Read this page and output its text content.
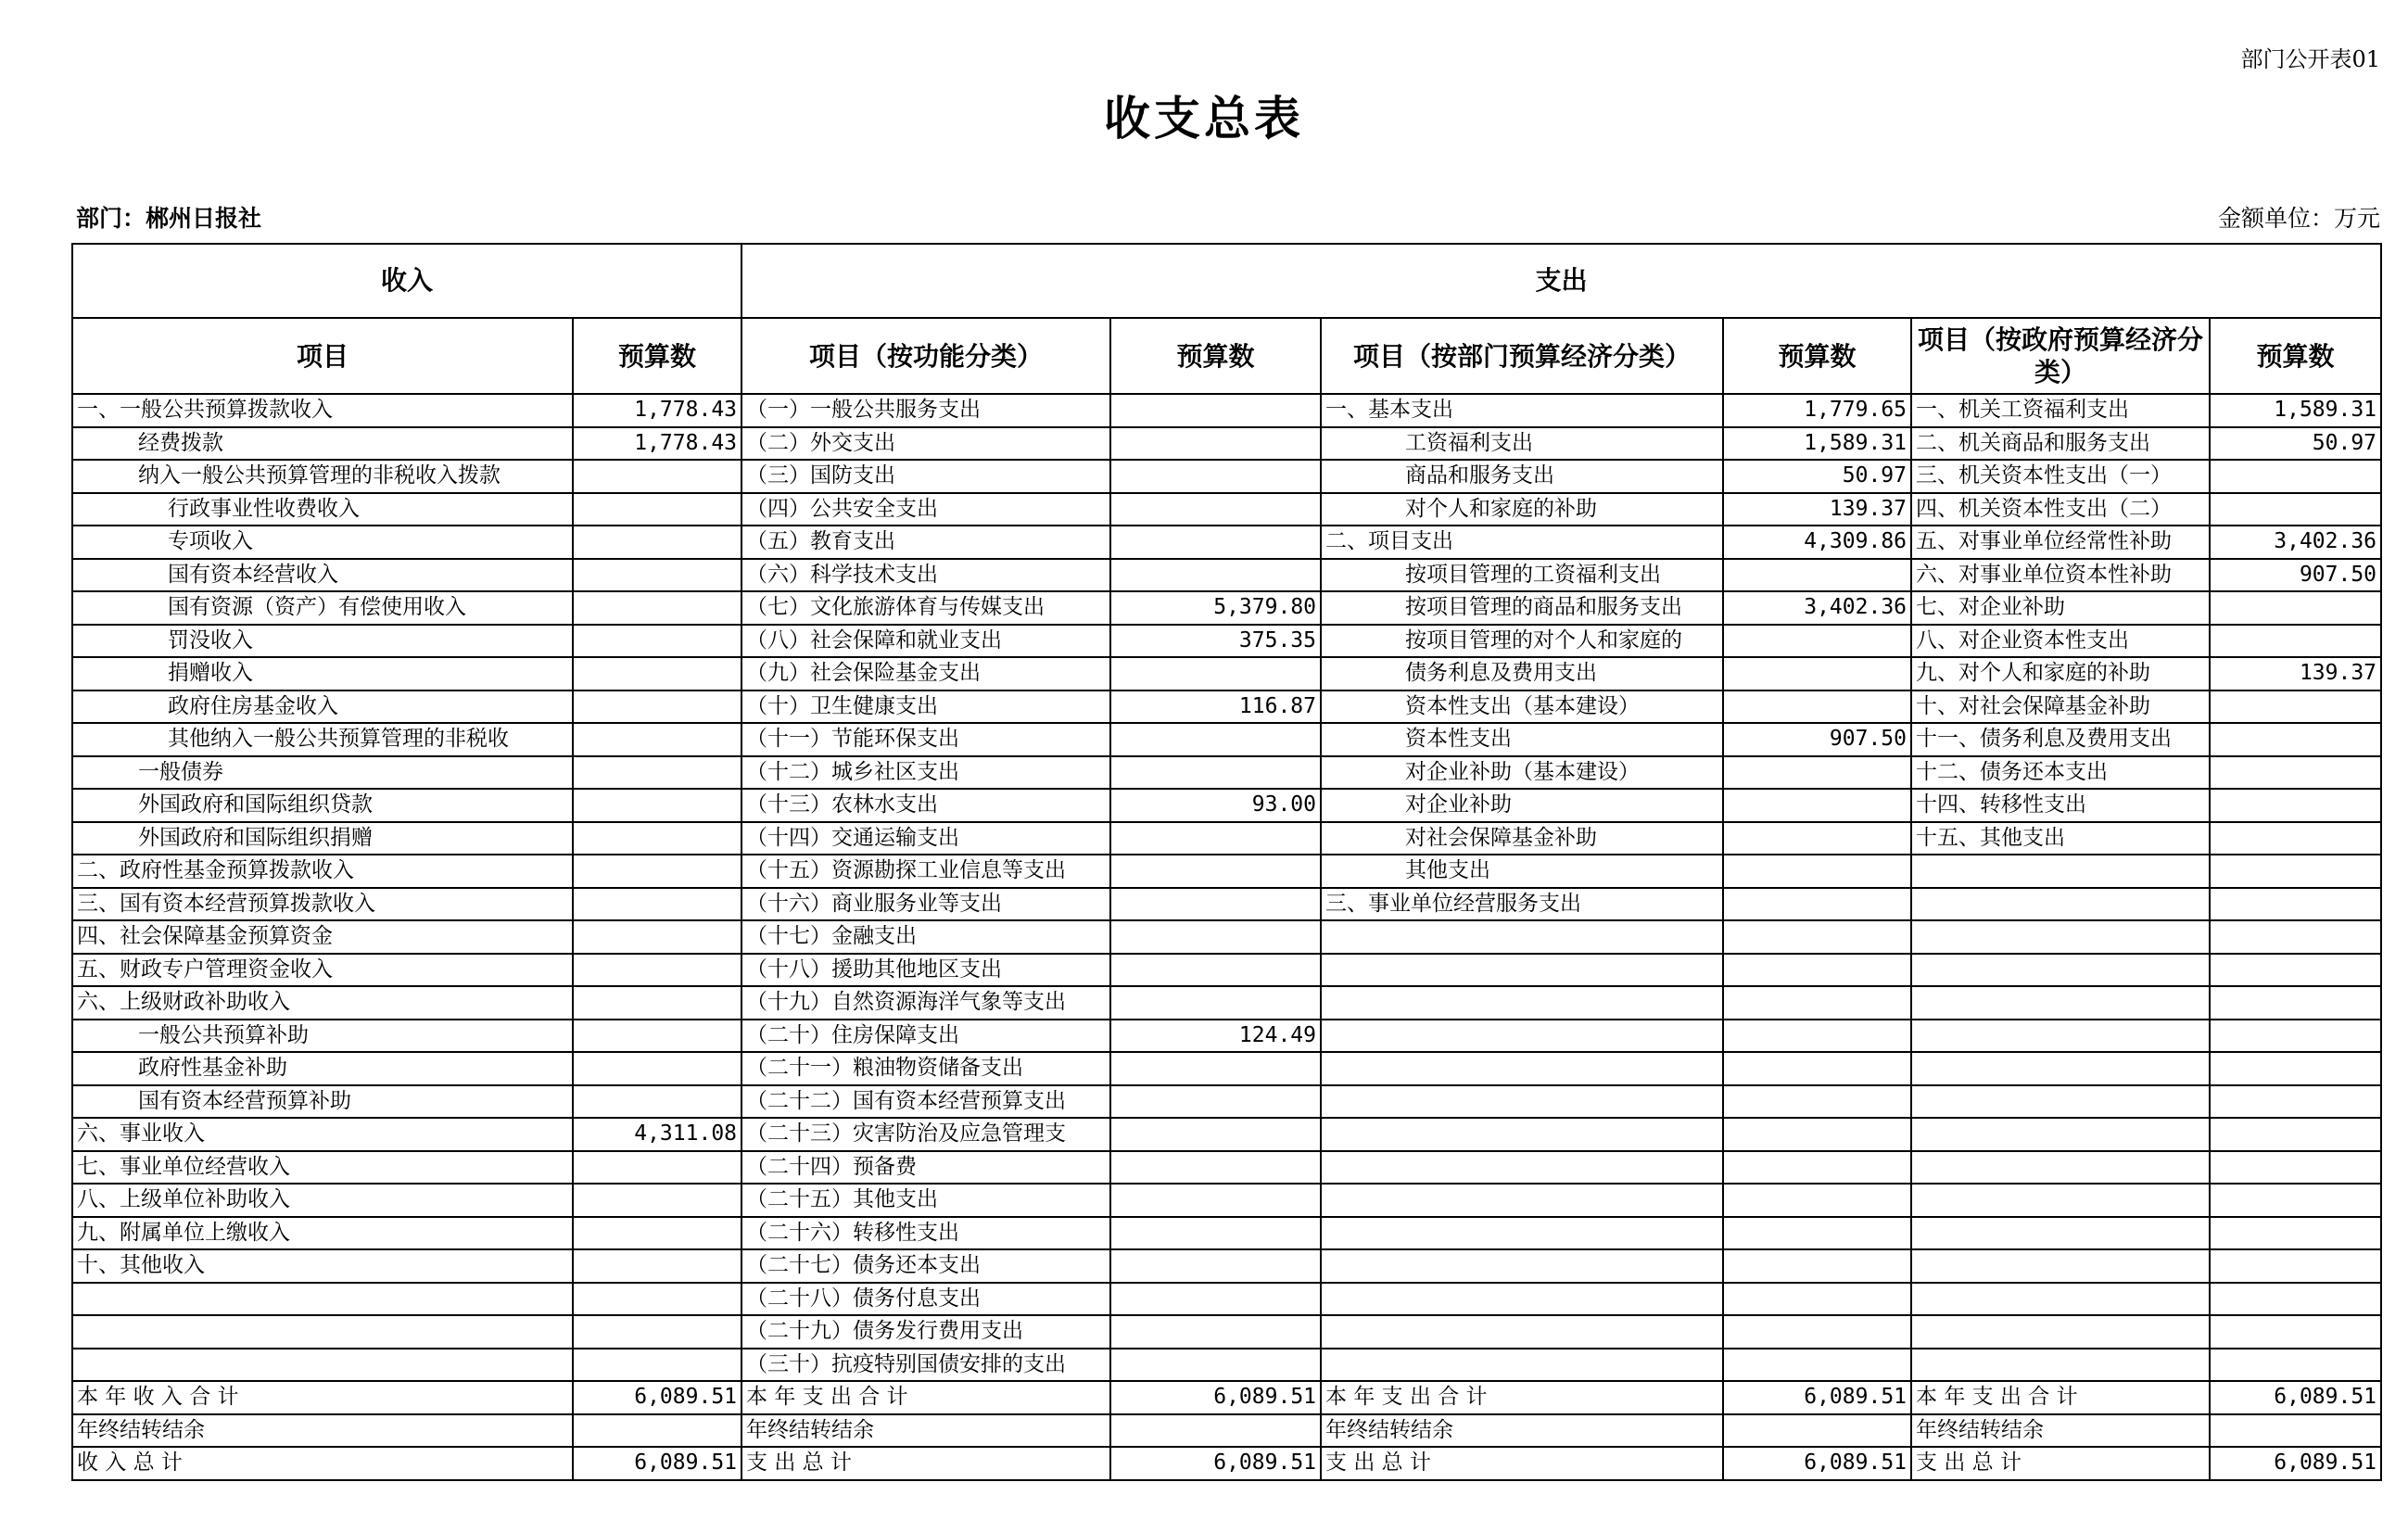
部门公开表01
收支总表
部门：郴州日报社	金额单位：万元
收入		支出					
项目	预算数	项目（按功能分类）	预算数	项目（按部门预算经济分类）	预算数	项目（按政府预算经济分类）	预算数
一、一般公共预算拨款收入	1,778.43	（一）一般公共服务支出		一、基本支出	1,779.65	一、机关工资福利支出	1,589.31
经费拨款	1,778.43	（二）外交支出		工资福利支出	1,589.31	二、机关商品和服务支出	50.97
纳入一般公共预算管理的非税收入拨款		（三）国防支出		商品和服务支出	50.97	三、机关资本性支出（一）	
行政事业性收费收入		（四）公共安全支出		对个人和家庭的补助	139.37	四、机关资本性支出（二）	
专项收入		（五）教育支出		二、项目支出	4,309.86	五、对事业单位经常性补助	3,402.36
国有资本经营收入		（六）科学技术支出		按项目管理的工资福利支出		六、对事业单位资本性补助	907.50
国有资源（资产）有偿使用收入		（七）文化旅游体育与传媒支出	5,379.80	按项目管理的商品和服务支出	3,402.36	七、对企业补助	
罚没收入		（八）社会保障和就业支出	375.35	按项目管理的对个人和家庭的		八、对企业资本性支出	
捐赠收入		（九）社会保险基金支出		债务利息及费用支出		九、对个人和家庭的补助	139.37
政府住房基金收入		（十）卫生健康支出	116.87	资本性支出（基本建设）		十、对社会保障基金补助	
其他纳入一般公共预算管理的非税收		（十一）节能环保支出		资本性支出	907.50	十一、债务利息及费用支出	
一般债券		（十二）城乡社区支出		对企业补助（基本建设）		十二、债务还本支出	
外国政府和国际组织贷款		（十三）农林水支出	93.00	对企业补助		十四、转移性支出	
外国政府和国际组织捐赠		（十四）交通运输支出		对社会保障基金补助		十五、其他支出	
二、政府性基金预算拨款收入		（十五）资源勘探工业信息等支出		其他支出			
三、国有资本经营预算拨款收入		（十六）商业服务业等支出		三、事业单位经营服务支出			
四、社会保障基金预算资金		（十七）金融支出					
五、财政专户管理资金收入		（十八）援助其他地区支出					
六、上级财政补助收入		（十九）自然资源海洋气象等支出					
一般公共预算补助		（二十）住房保障支出	124.49				
政府性基金补助		（二十一）粮油物资储备支出					
国有资本经营预算补助		（二十二）国有资本经营预算支出					
六、事业收入	4,311.08	（二十三）灾害防治及应急管理支					
七、事业单位经营收入		（二十四）预备费					
八、上级单位补助收入		（二十五）其他支出					
九、附属单位上缴收入		（二十六）转移性支出					
十、其他收入		（二十七）债务还本支出					
		（二十八）债务付息支出					
		（二十九）债务发行费用支出					
		（三十）抗疫特别国债安排的支出					
本 年 收 入 合 计	6,089.51	本 年 支 出 合 计	6,089.51	本 年 支 出 合 计	6,089.51	本 年 支 出 合 计	6,089.51
年终结转结余		年终结转结余		年终结转结余		年终结转结余	
收 入 总 计	6,089.51	支 出 总 计	6,089.51	支 出 总 计	6,089.51	支 出 总 计	6,089.51
